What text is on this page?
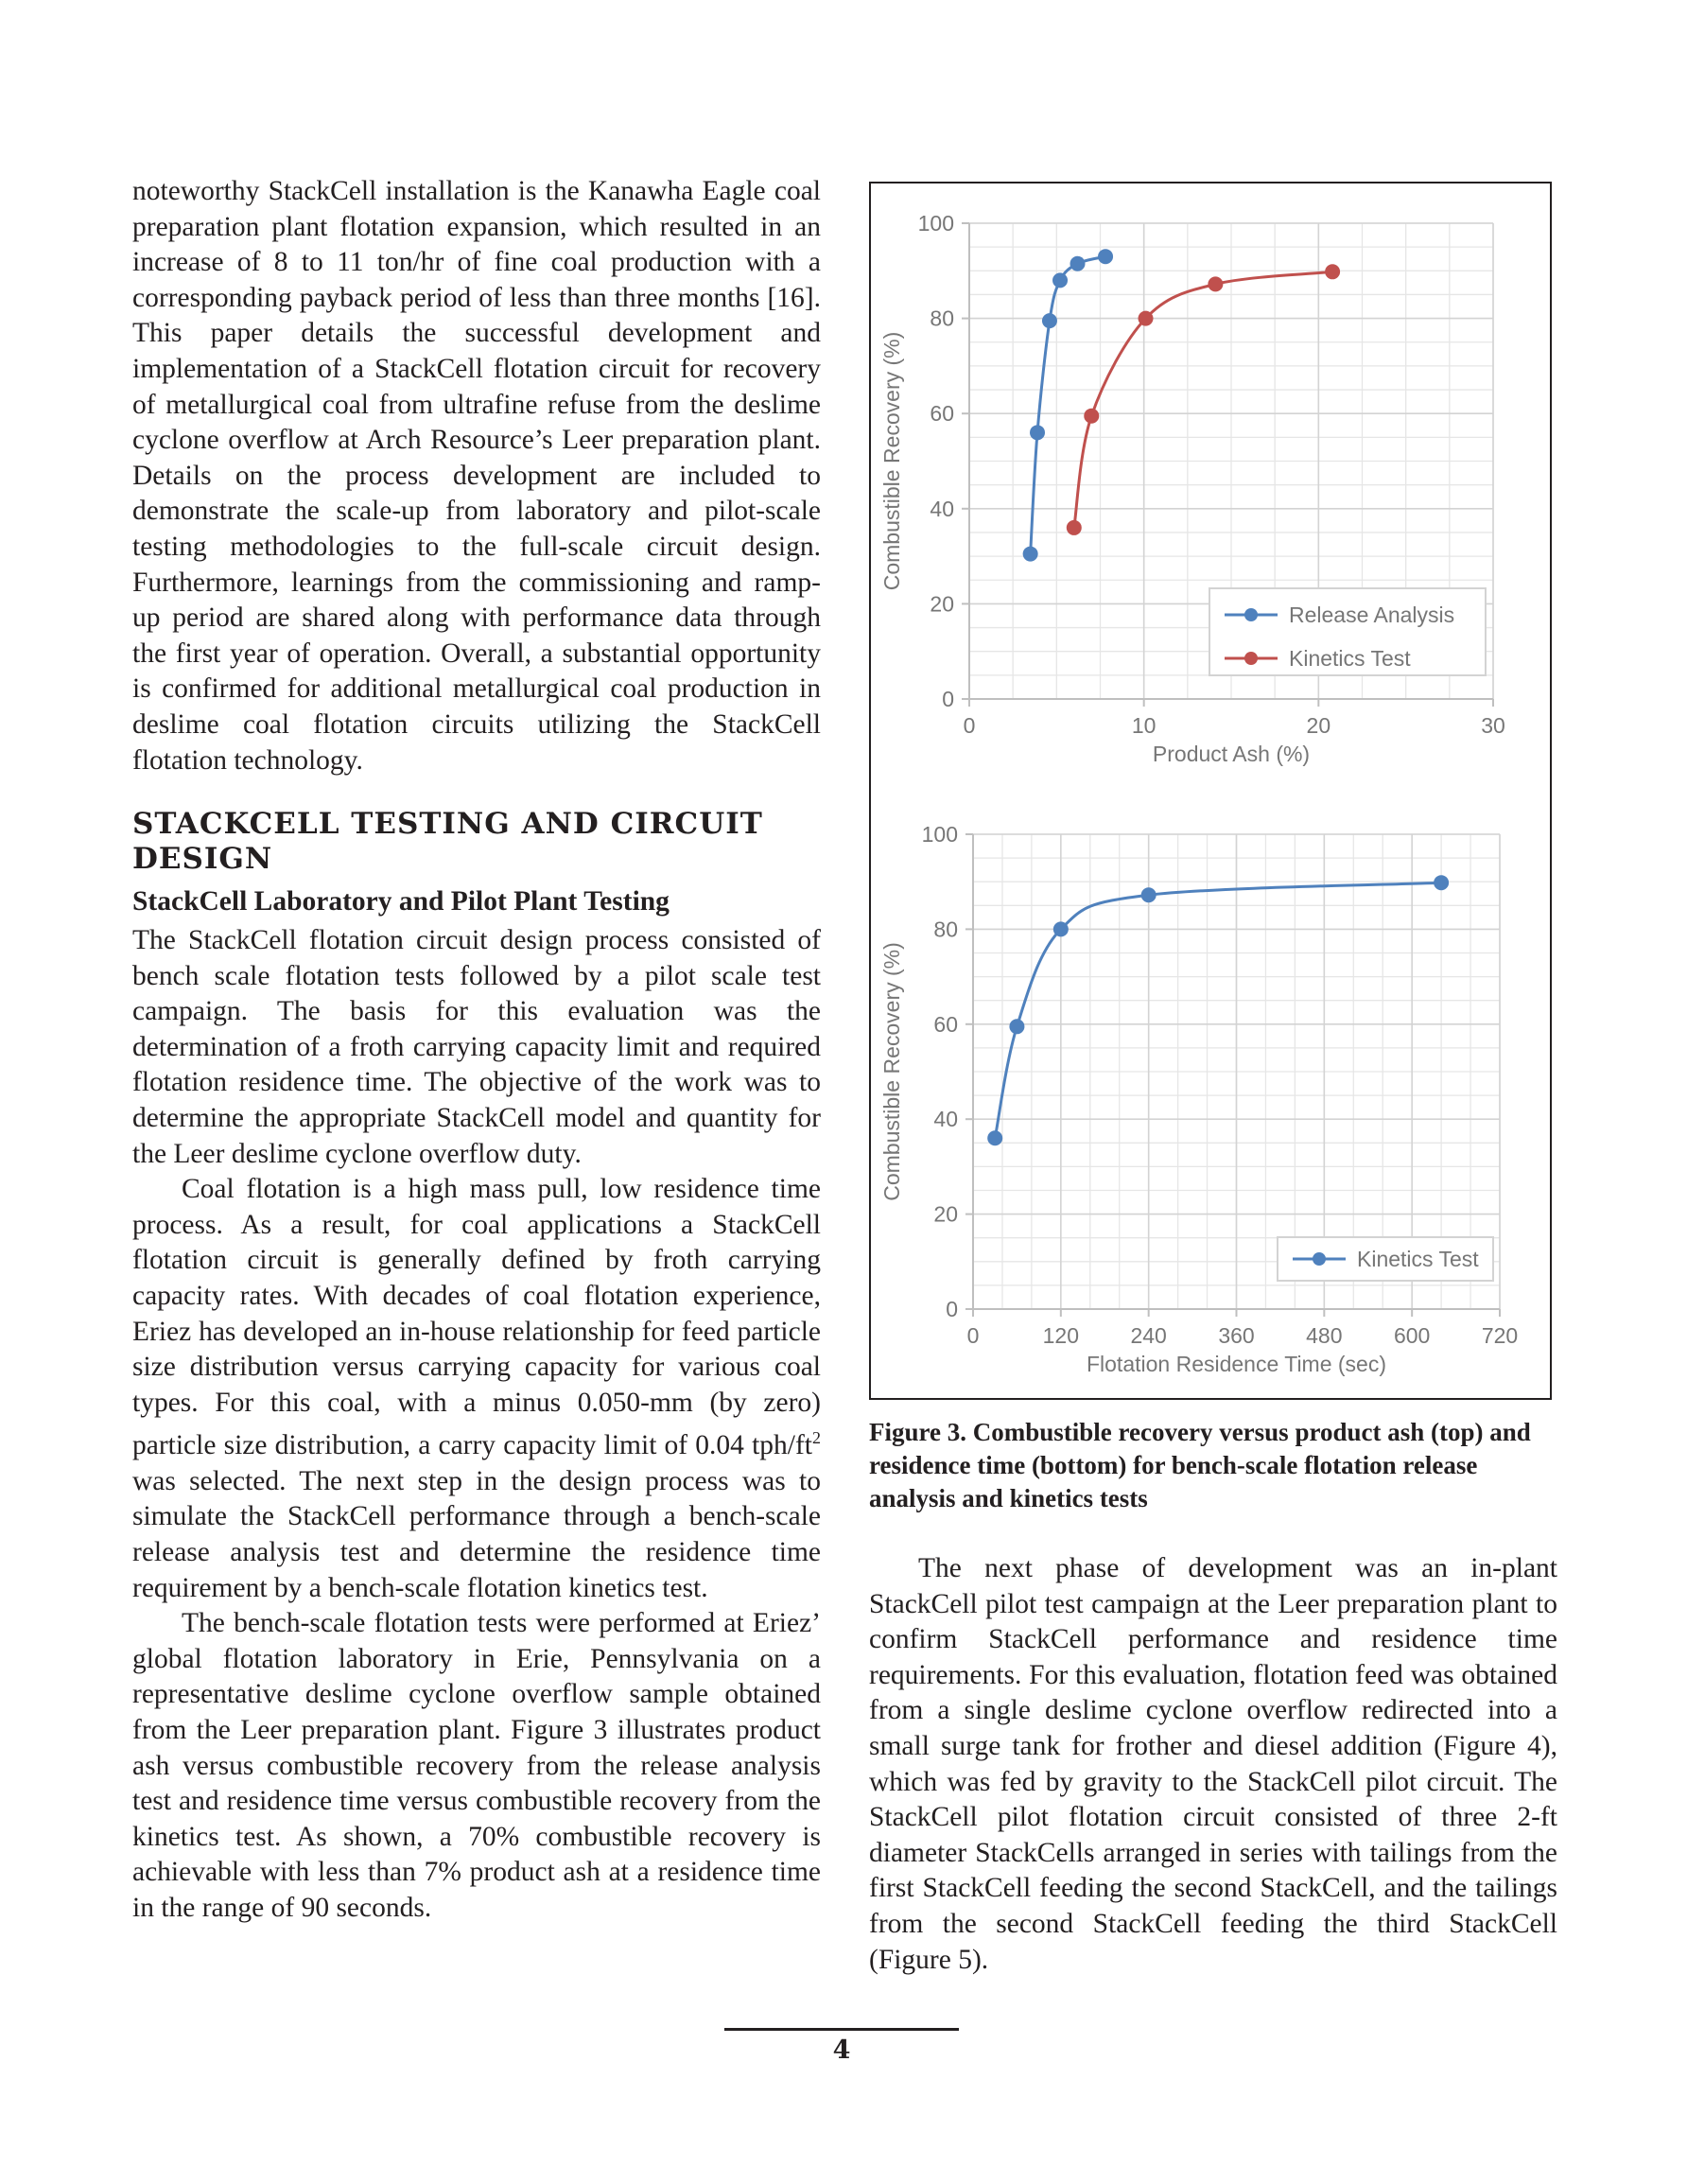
noteworthy StackCell installation is the Kanawha Eagle coal preparation plant flotation expansion, which resulted in an increase of 8 to 11 ton/hr of fine coal production with a corresponding payback period of less than three months [16]. This paper details the successful development and implementation of a StackCell flotation circuit for recovery of metallurgical coal from ultrafine refuse from the deslime cyclone overflow at Arch Resource’s Leer preparation plant. Details on the process development are included to demonstrate the scale-up from laboratory and pilot-scale testing methodologies to the full-scale circuit design. Furthermore, learnings from the commissioning and ramp- up period are shared along with performance data through the first year of operation. Overall, a substantial opportunity is confirmed for additional metallurgical coal production in deslime coal flotation circuits utilizing the StackCell flotation technology.

STACKCELL TESTING AND CIRCUIT DESIGN
StackCell Laboratory and Pilot Plant Testing

The StackCell flotation circuit design process consisted of bench scale flotation tests followed by a pilot scale test campaign. The basis for this evaluation was the determination of a froth carrying capacity limit and required flotation residence time. The objective of the work was to determine the appropriate StackCell model and quantity for the Leer deslime cyclone overflow duty.

Coal flotation is a high mass pull, low residence time process. As a result, for coal applications a StackCell flotation circuit is generally defined by froth carrying capacity rates. With decades of coal flotation experience, Eriez has developed an in-house relationship for feed particle size distribution versus carrying capacity for various coal types. For this coal, with a minus 0.050-mm (by zero) particle size distribution, a carry capacity limit of 0.04 tph/$ft^2$ was selected. The next step in the design process was to simulate the StackCell performance through a bench-scale release analysis test and determine the residence time requirement by a bench-scale flotation kinetics test.

The bench-scale flotation tests were performed at Eriez’ global flotation laboratory in Erie, Pennsylvania on a representative deslime cyclone overflow sample obtained from the Leer preparation plant. Figure 3 illustrates product ash versus combustible recovery from the release analysis test and residence time versus combustible recovery from the kinetics test. As shown, a 70% combustible recovery is achievable with less than 7% product ash at a residence time in the range of 90 seconds.

0	10	20	30
0
20
40
60
80
100
Product Ash (%)
Combustible Recovery (%)
Release Analysis
Kinetics Test
0	120 240 360 480 600 720
0
20
40
60
80
100
Flotation Residence Time (sec)
Combustible Recovery (%)
Kinetics Test
Figure 3. Combustible recovery versus product ash (top) and residence time (bottom) for bench-scale flotation release analysis and kinetics tests

The next phase of development was an in-plant StackCell pilot test campaign at the Leer preparation plant to confirm StackCell performance and residence time requirements. For this evaluation, flotation feed was obtained from a single deslime cyclone overflow redirected into a small surge tank for frother and diesel addition (Figure 4), which was fed by gravity to the StackCell pilot circuit. The StackCell pilot flotation circuit consisted of three 2-ft diameter StackCells arranged in series with tailings from the first StackCell feeding the second StackCell, and the tailings from the second StackCell feeding the third StackCell (Figure 5).

4
